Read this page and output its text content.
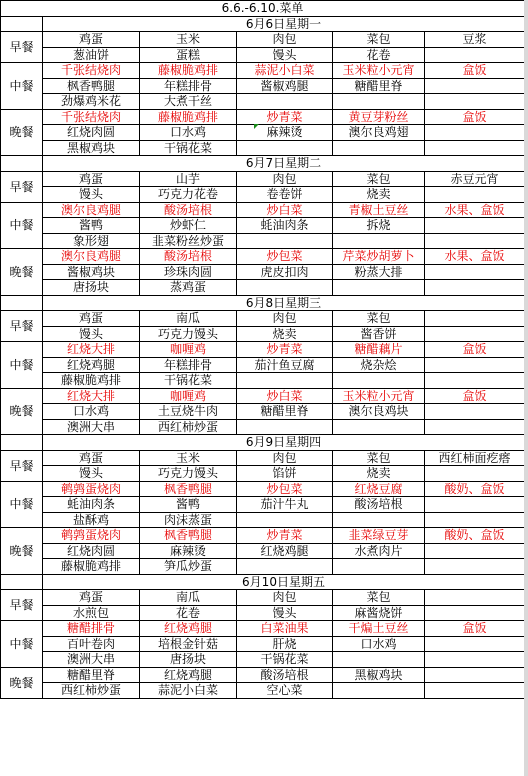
6.6.-6.10.菜单					
	6月6日星期一				
早餐	鸡蛋	玉米	肉包	菜包	豆浆
	葱油饼	蛋糕	馒头	花卷	
中餐	千张结烧肉	藤椒脆鸡排	蒜泥小白菜	玉米粒小元宵	盒饭
	枫香鸭腿	年糕排骨	酱椒鸡腿	糖醋里脊	
	劲爆鸡米花	大煮干丝			
晚餐	千张结烧肉	藤椒脆鸡排	炒青菜	黄豆芽粉丝	盒饭
	红烧肉圆	口水鸡	麻辣烫	澳尔良鸡翅	
	黑椒鸡块	干锅花菜			
	6月7日星期二				
早餐	鸡蛋	山芋	肉包	菜包	赤豆元宵
	馒头	巧克力花卷	卷卷饼	烧卖	
中餐	澳尔良鸡腿	酸汤培根	炒白菜	青椒土豆丝	水果、盒饭
	酱鸭	炒虾仁	蚝油肉条	拆烧	
	象形翅	韭菜粉丝炒蛋			
晚餐	澳尔良鸡腿	酸汤培根	炒包菜	芹菜炒胡萝卜	水果、盒饭
	酱椒鸡块	珍珠肉圆	虎皮扣肉	粉蒸大排	
	唐扬块	蒸鸡蛋			
	6月8日星期三				
早餐	鸡蛋	南瓜	肉包	菜包	
	馒头	巧克力馒头	烧卖	酱香饼	
中餐	红烧大排	咖喱鸡	炒青菜	糖醋藕片	盒饭
	红烧鸡腿	年糕排骨	茄汁鱼豆腐	烧杂烩	
	藤椒脆鸡排	干锅花菜			
晚餐	红烧大排	咖喱鸡	炒白菜	玉米粒小元宵	盒饭
	口水鸡	土豆烧牛肉	糖醋里脊	澳尔良鸡块	
	澳洲大串	西红柿炒蛋			
	6月9日星期四				
早餐	鸡蛋	玉米	肉包	菜包	西红柿面疙瘩
	馒头	巧克力馒头	馅饼	烧卖	
中餐	鹌鹑蛋烧肉	枫香鸭腿	炒包菜	红烧豆腐	酸奶、盒饭
	蚝油肉条	酱鸭	茄汁牛丸	酸汤培根	
	盐酥鸡	肉沫蒸蛋			
晚餐	鹌鹑蛋烧肉	枫香鸭腿	炒青菜	韭菜绿豆芽	酸奶、盒饭
	红烧肉圆	麻辣烫	红烧鸡腿	水煮肉片	
	藤椒脆鸡排	笋瓜炒蛋			
	6月10日星期五				
早餐	鸡蛋	南瓜	肉包	菜包	
	水煎包	花卷	馒头	麻酱烧饼	
中餐	糖醋排骨	红烧鸡腿	白菜油果	干煸土豆丝	盒饭
	百叶卷肉	培根金针菇	肝烧	口水鸡	
	澳洲大串	唐扬块	干锅花菜		
晚餐	糖醋里脊	红烧鸡腿	酸汤培根	黑椒鸡块	
	西红柿炒蛋	蒜泥小白菜	空心菜		
